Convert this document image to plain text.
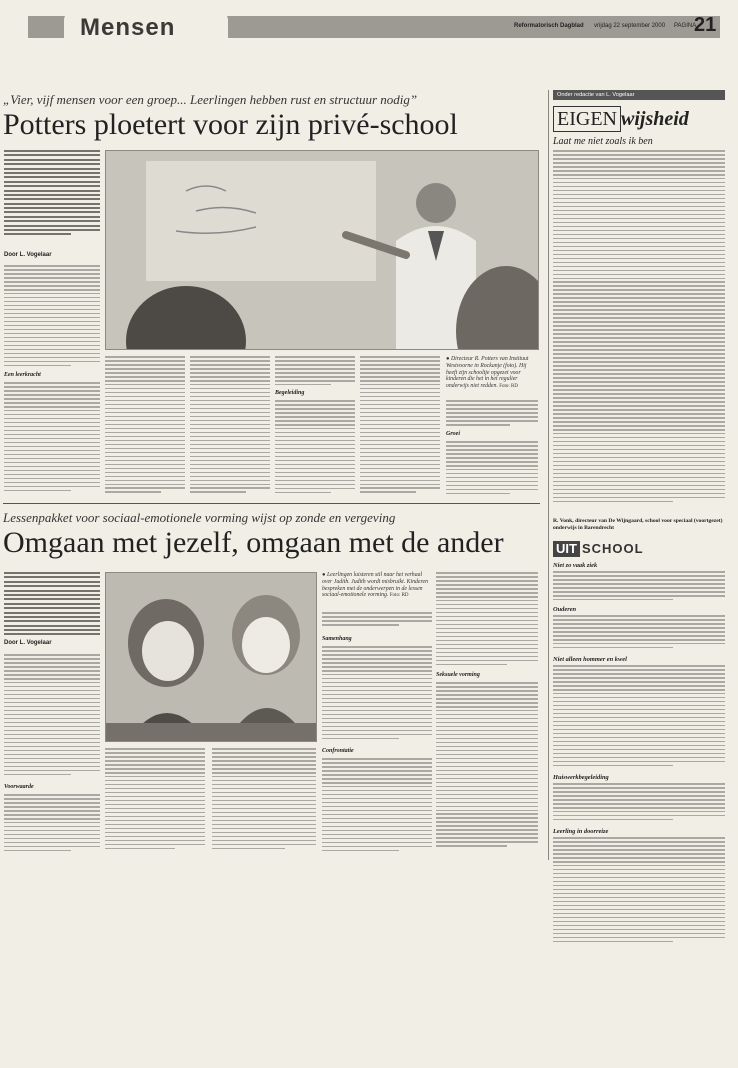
Mensen	Reformatorisch Dagblad vrijdag 22 september 2000 PAGINA
21
„Vier, vijf mensen voor een groep... Leerlingen hebben rust en structuur nodig”
Potters ploetert voor zijn privé-school
Door L. Vogelaar
Een leerkracht
Begeleiding
● Directeur R. Potters van Instituut Westvoorne in Rockanje (foto). Hij heeft zijn schooltje opgezet voor kinderen die het in het regulier onderwijs niet redden. Foto: RD
Groei
Lessenpakket voor sociaal-emotionele vorming wijst op zonde en vergeving
Omgaan met jezelf, omgaan met de ander
Door L. Vogelaar
Voorwaarde
● Leerlingen luisteren stil naar het verhaal over Judith. Judith wordt misbruikt. Kinderen bespreken met de onderwerpen in de lessen sociaal-emotionele vorming. Foto: RD
Samenhang
Seksuele vorming
Confrontatie
Onder redactie van L. Vogelaar
EIGEN wijsheid
Laat me niet zoals ik ben
R. Vonk, directeur van De Wijngaard, school voor speciaal (voortgezet) onderwijs in Barendrecht
UIT SCHOOL
Niet zo vaak ziek
Ouderen
Niet alleen hommer en kwel
Huiswerkbegeleiding
Leerling in doorreize
